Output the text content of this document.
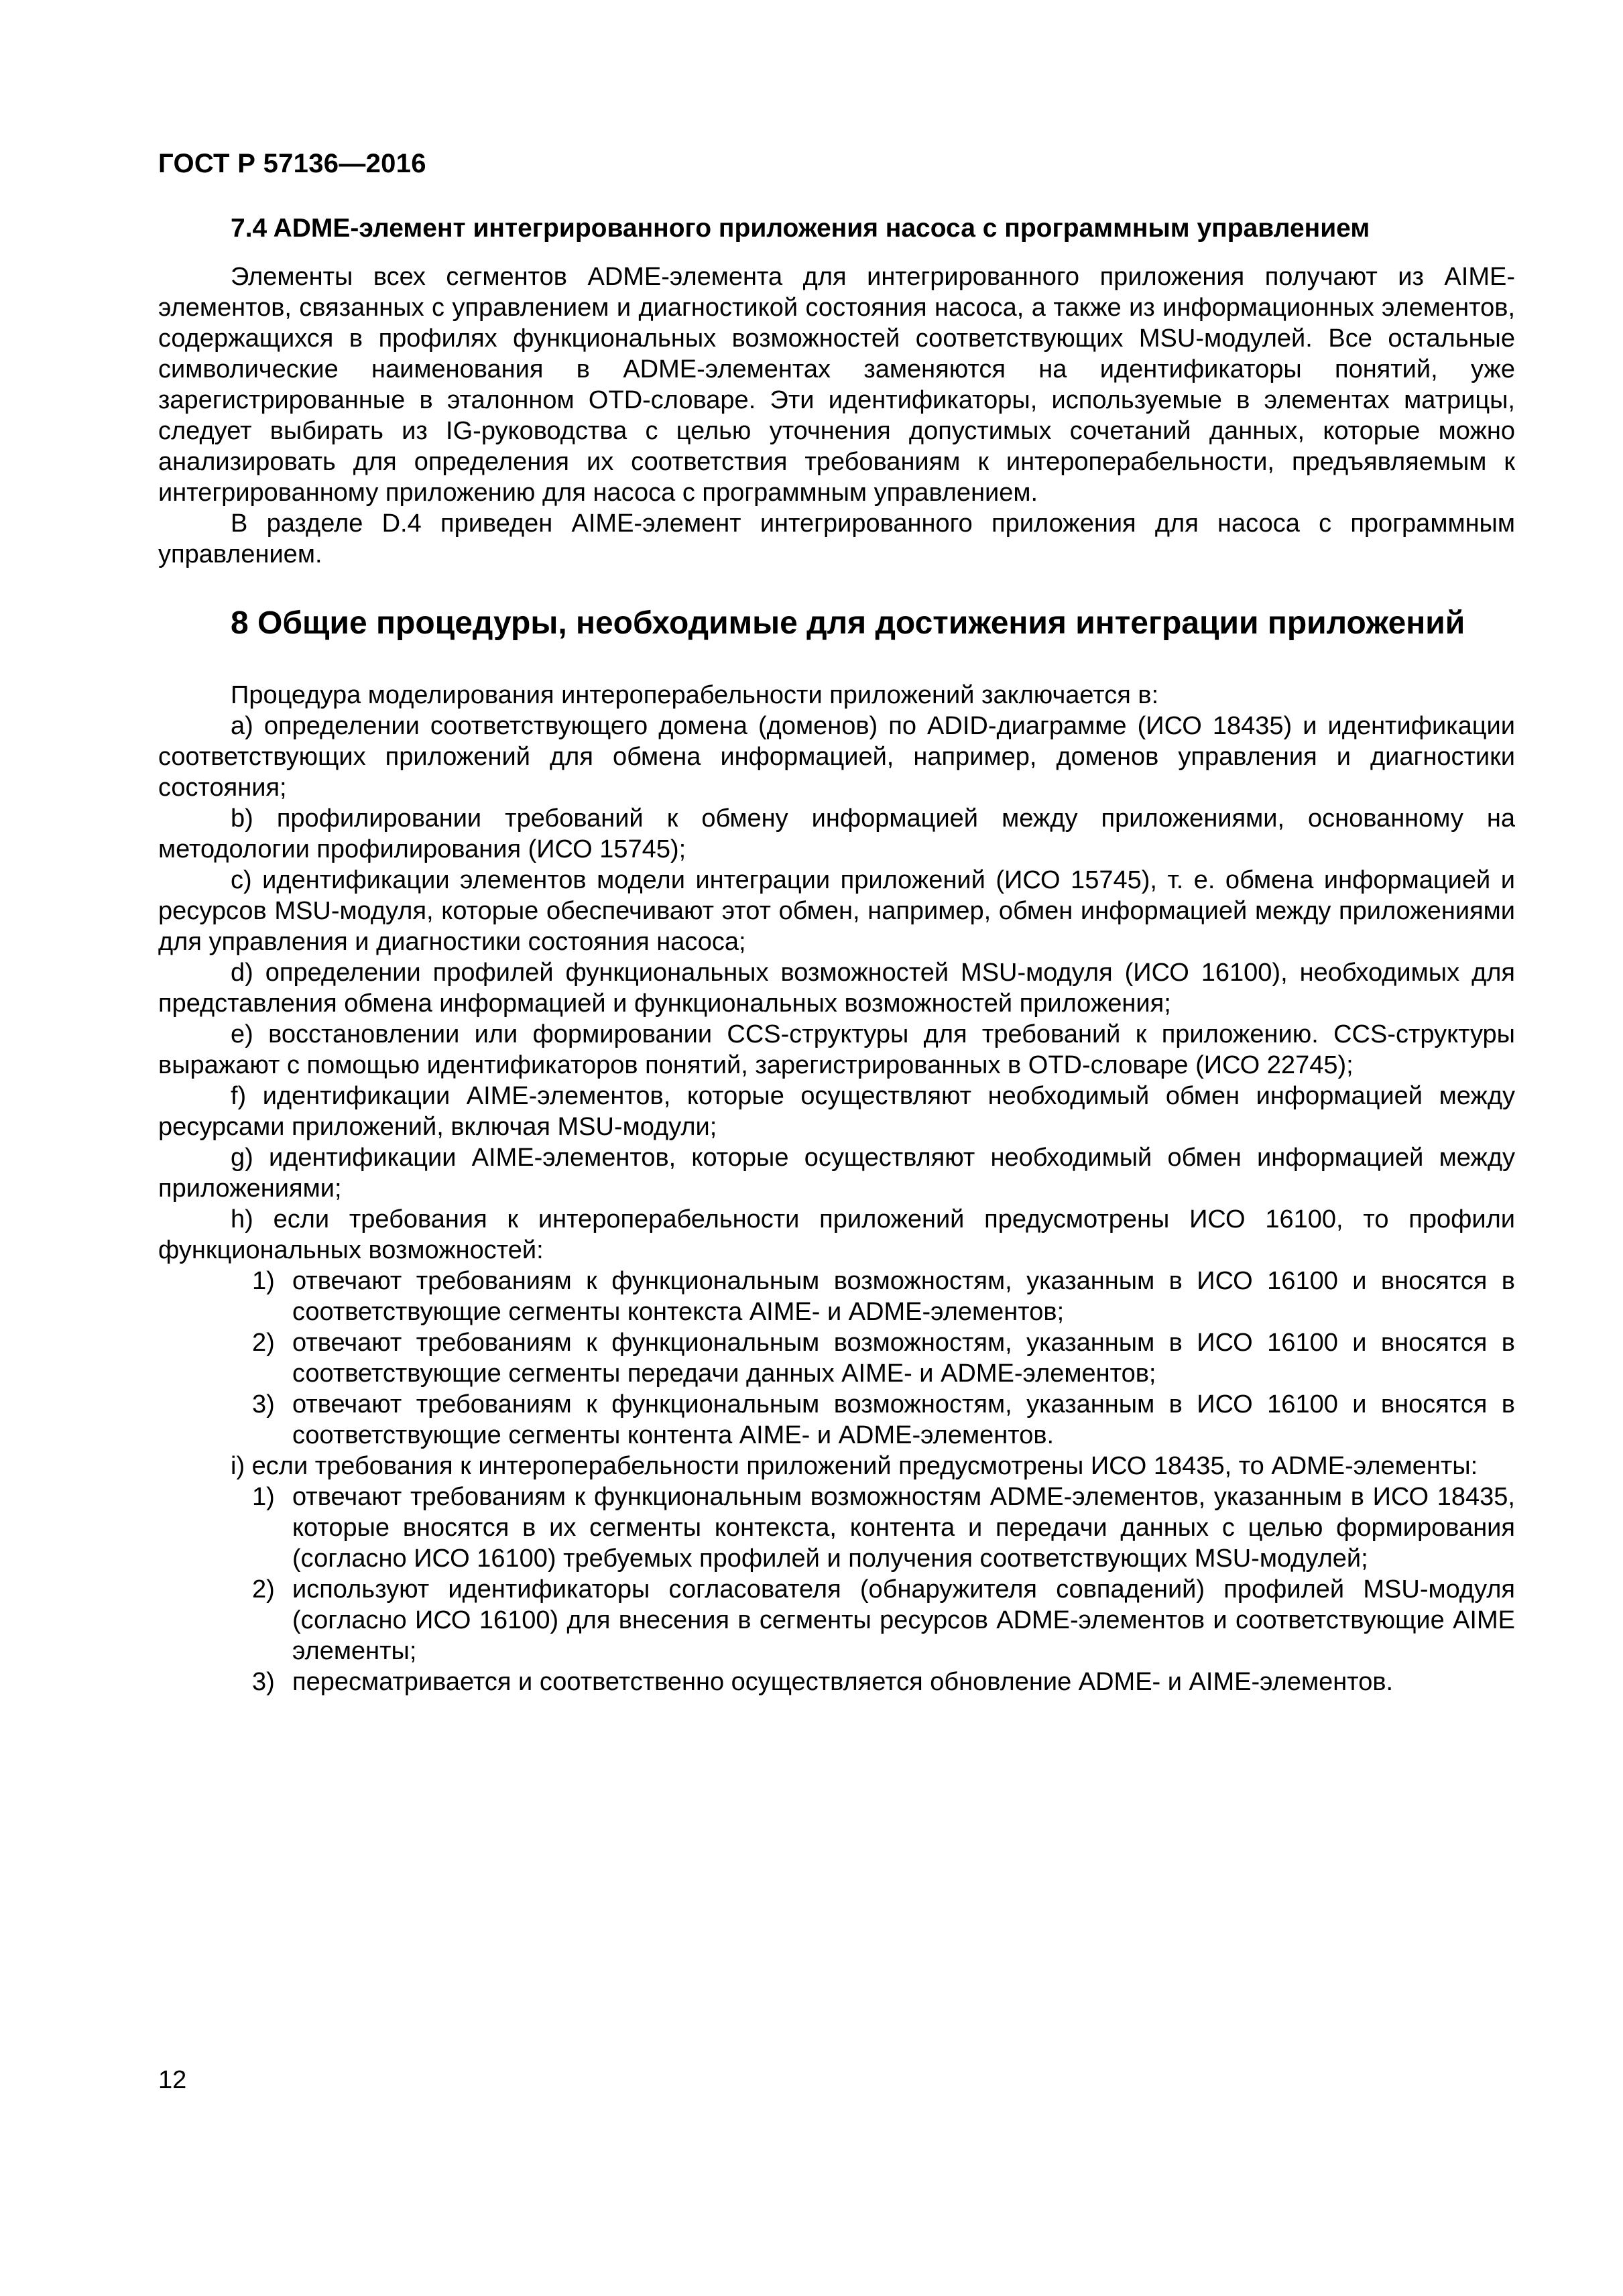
ГОСТ Р 57136—2016
7.4 ADME-элемент интегрированного приложения насоса с программным управлением

Элементы всех сегментов ADME-элемента для интегрированного приложения получают из AIME-элементов, связанных с управлением и диагностикой состояния насоса, а также из информационных элементов, содержащихся в профилях функциональных возможностей соответствующих MSU-модулей. Все остальные символические наименования в ADME-элементах заменяются на идентификаторы понятий, уже зарегистрированные в эталонном OTD-словаре. Эти идентификаторы, используемые в элементах матрицы, следует выбирать из IG-руководства с целью уточнения допустимых сочетаний данных, которые можно анализировать для определения их соответствия требованиям к интероперабельности, предъявляемым к интегрированному приложению для насоса с программным управлением.

В разделе D.4 приведен AIME-элемент интегрированного приложения для насоса с программным управлением.

8 Общие процедуры, необходимые для достижения интеграции приложений

Процедура моделирования интероперабельности приложений заключается в:

а) определении соответствующего домена (доменов) по ADID-диаграмме (ИСО 18435) и идентификации соответствующих приложений для обмена информацией, например, доменов управления и диагностики состояния;

b) профилировании требований к обмену информацией между приложениями, основанному на методологии профилирования (ИСО 15745);

c) идентификации элементов модели интеграции приложений (ИСО 15745), т. е. обмена информацией и ресурсов MSU-модуля, которые обеспечивают этот обмен, например, обмен информацией между приложениями для управления и диагностики состояния насоса;

d) определении профилей функциональных возможностей MSU-модуля (ИСО 16100), необходимых для представления обмена информацией и функциональных возможностей приложения;

e) восстановлении или формировании CCS-структуры для требований к приложению. CCS-структуры выражают с помощью идентификаторов понятий, зарегистрированных в OTD-словаре (ИСО 22745);

f) идентификации AIME-элементов, которые осуществляют необходимый обмен информацией между ресурсами приложений, включая MSU-модули;

g) идентификации AIME-элементов, которые осуществляют необходимый обмен информацией между приложениями;

h) если требования к интероперабельности приложений предусмотрены ИСО 16100, то профили функциональных возможностей:

1) отвечают требованиям к функциональным возможностям, указанным в ИСО 16100 и вносятся в соответствующие сегменты контекста AIME- и ADME-элементов;
2) отвечают требованиям к функциональным возможностям, указанным в ИСО 16100 и вносятся в соответствующие сегменты передачи данных AIME- и ADME-элементов;
3) отвечают требованиям к функциональным возможностям, указанным в ИСО 16100 и вносятся в соответствующие сегменты контента AIME- и ADME-элементов.

i) если требования к интероперабельности приложений предусмотрены ИСО 18435, то ADME-элементы:

1) отвечают требованиям к функциональным возможностям ADME-элементов, указанным в ИСО 18435, которые вносятся в их сегменты контекста, контента и передачи данных с целью формирования (согласно ИСО 16100) требуемых профилей и получения соответствующих MSU-модулей;
2) используют идентификаторы согласователя (обнаружителя совпадений) профилей MSU-модуля (согласно ИСО 16100) для внесения в сегменты ресурсов ADME-элементов и соответствующие AIME элементы;
3) пересматривается и соответственно осуществляется обновление ADME- и AIME-элементов.
12
